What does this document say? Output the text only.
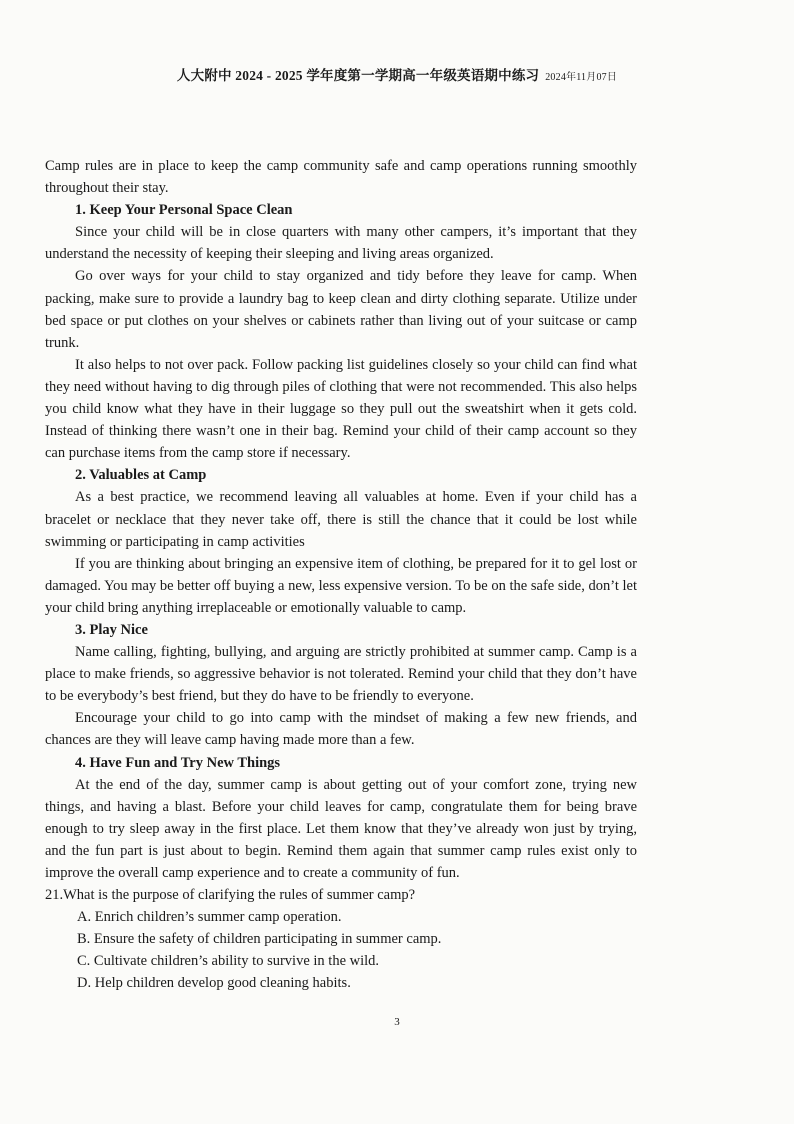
人大附中 2024 - 2025 学年度第一学期高一年级英语期中练习 2024年11月07日

Camp rules are in place to keep the camp community safe and camp operations running smoothly throughout their stay.

1. Keep Your Personal Space Clean

Since your child will be in close quarters with many other campers, it’s important that they understand the necessity of keeping their sleeping and living areas organized.

Go over ways for your child to stay organized and tidy before they leave for camp. When packing, make sure to provide a laundry bag to keep clean and dirty clothing separate. Utilize under bed space or put clothes on your shelves or cabinets rather than living out of your suitcase or camp trunk.

It also helps to not over pack. Follow packing list guidelines closely so your child can find what they need without having to dig through piles of clothing that were not recommended. This also helps you child know what they have in their luggage so they pull out the sweatshirt when it gets cold. Instead of thinking there wasn’t one in their bag. Remind your child of their camp account so they can purchase items from the camp store if necessary.

2. Valuables at Camp

As a best practice, we recommend leaving all valuables at home. Even if your child has a bracelet or necklace that they never take off, there is still the chance that it could be lost while swimming or participating in camp activities

If you are thinking about bringing an expensive item of clothing, be prepared for it to gel lost or damaged. You may be better off buying a new, less expensive version. To be on the safe side, don’t let your child bring anything irreplaceable or emotionally valuable to camp.

3. Play Nice

Name calling, fighting, bullying, and arguing are strictly prohibited at summer camp. Camp is a place to make friends, so aggressive behavior is not tolerated. Remind your child that they don’t have to be everybody’s best friend, but they do have to be friendly to everyone.

Encourage your child to go into camp with the mindset of making a few new friends, and chances are they will leave camp having made more than a few.

4. Have Fun and Try New Things

At the end of the day, summer camp is about getting out of your comfort zone, trying new things, and having a blast. Before your child leaves for camp, congratulate them for being brave enough to try sleep away in the first place. Let them know that they’ve already won just by trying, and the fun part is just about to begin. Remind them again that summer camp rules exist only to improve the overall camp experience and to create a community of fun.

21.What is the purpose of clarifying the rules of summer camp?

A. Enrich children’s summer camp operation.
B. Ensure the safety of children participating in summer camp.
C. Cultivate children’s ability to survive in the wild.
D. Help children develop good cleaning habits.
3
